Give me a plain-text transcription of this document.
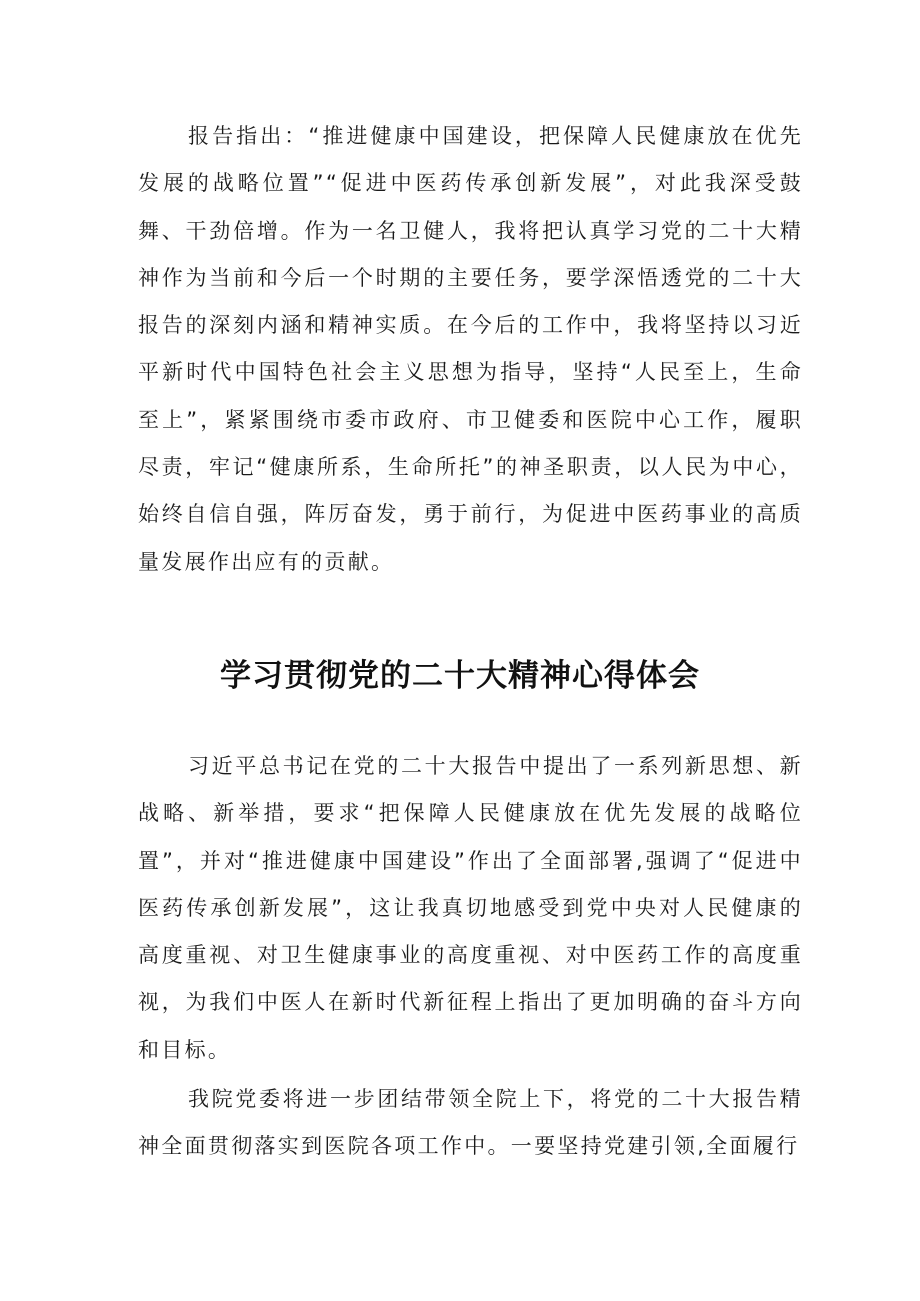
报告指出：“推进健康中国建设，把保障人民健康放在优先发展的战略位置”“促进中医药传承创新发展”，对此我深受鼓舞、干劲倍增。作为一名卫健人，我将把认真学习党的二十大精神作为当前和今后一个时期的主要任务，要学深悟透党的二十大报告的深刻内涵和精神实质。在今后的工作中，我将坚持以习近平新时代中国特色社会主义思想为指导，坚持“人民至上，生命至上”，紧紧围绕市委市政府、市卫健委和医院中心工作，履职尽责，牢记“健康所系，生命所托”的神圣职责，以人民为中心，始终自信自强，阵厉奋发，勇于前行，为促进中医药事业的高质量发展作出应有的贡献。

学习贯彻党的二十大精神心得体会

习近平总书记在党的二十大报告中提出了一系列新思想、新战略、新举措，要求“把保障人民健康放在优先发展的战略位置”，并对“推进健康中国建设”作出了全面部署,强调了“促进中医药传承创新发展”，这让我真切地感受到党中央对人民健康的高度重视、对卫生健康事业的高度重视、对中医药工作的高度重视，为我们中医人在新时代新征程上指出了更加明确的奋斗方向和目标。

我院党委将进一步团结带领全院上下，将党的二十大报告精神全面贯彻落实到医院各项工作中。一要坚持党建引领,全面履行
